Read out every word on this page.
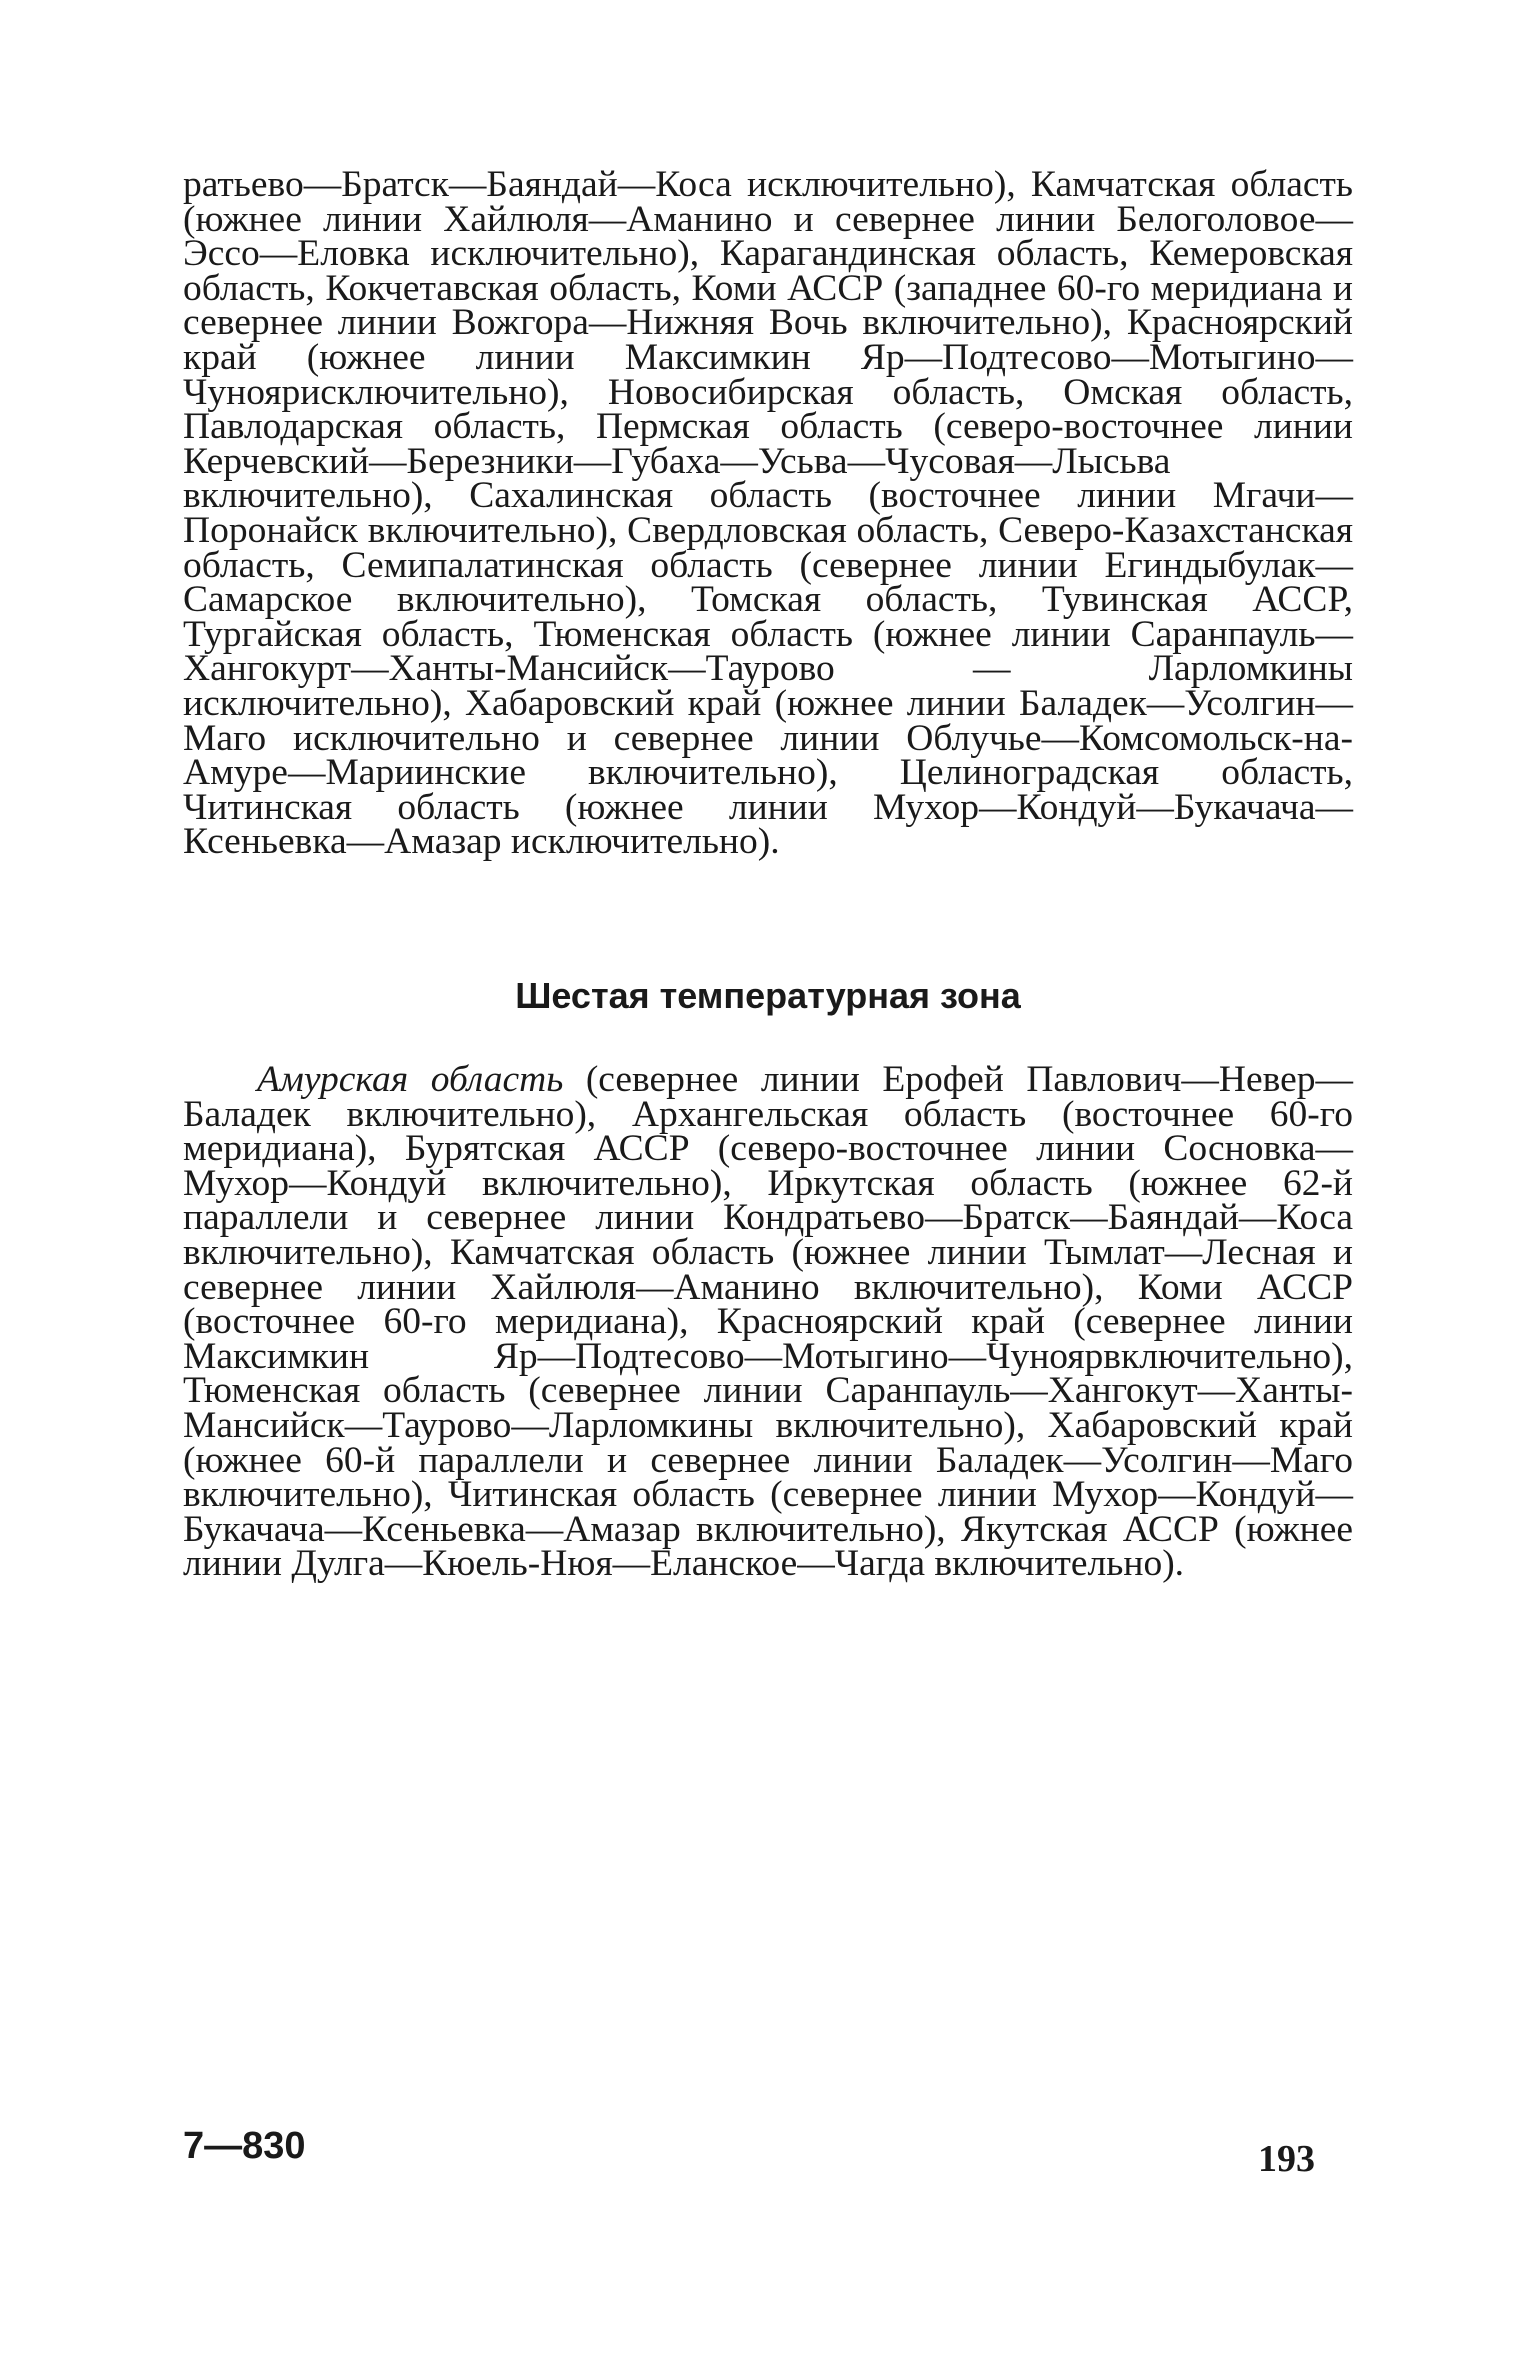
ратьево—Братск—Баяндай—Коса исключительно), Камчатская область (южнее линии Хайлюля—Аманино и севернее линии Белоголовое—Эссо—Еловка исключительно), Карагандинская область, Кемеровская область, Кокчетавская область, Коми АССР (западнее 60-го меридиана и севернее линии Вожгора—Нижняя Вочь включительно), Красноярский край (южнее линии Максимкин Яр—Подтесово—Мотыгино—Чуноярисключительно), Новосибирская область, Омская область, Павлодарская область, Пермская область (северо-восточнее линии Керчевский—Березники—Губаха—Усьва—Чусовая—Лысьва включительно), Сахалинская область (восточнее линии Мгачи—Поронайск включительно), Свердловская область, Северо-Казахстанская область, Семипалатинская область (севернее линии Егиндыбулак—Самарское включительно), Томская область, Тувинская АССР, Тургайская область, Тюменская область (южнее линии Саранпауль—Хангокурт—Ханты-Мансийск—Таурово — Ларломкины исключительно), Хабаровский край (южнее линии Баладек—Усолгин—Маго исключительно и севернее линии Облучье—Комсомольск-на-Амуре—Мариинские включительно), Целиноградская область, Читинская область (южнее линии Мухор—Кондуй—Букачача—Ксеньевка—Амазар исключительно).

Шестая температурная зона

Амурская область (севернее линии Ерофей Павлович—Невер—Баладек включительно), Архангельская область (восточнее 60-го меридиана), Бурятская АССР (северо-восточнее линии Сосновка—Мухор—Кондуй включительно), Иркутская область (южнее 62-й параллели и севернее линии Кондратьево—Братск—Баяндай—Коса включительно), Камчатская область (южнее линии Тымлат—Лесная и севернее линии Хайлюля—Аманино включительно), Коми АССР (восточнее 60-го меридиана), Красноярский край (севернее линии Максимкин Яр—Подтесово—Мотыгино—Чуноярвключительно), Тюменская область (севернее линии Саранпауль—Хангокут—Ханты-Мансийск—Таурово—Ларломкины включительно), Хабаровский край (южнее 60-й параллели и севернее линии Баладек—Усолгин—Маго включительно), Читинская область (севернее линии Мухор—Кондуй—Букачача—Ксеньевка—Амазар включительно), Якутская АССР (южнее линии Дулга—Кюель-Нюя—Еланское—Чагда включительно).

7—830	193
